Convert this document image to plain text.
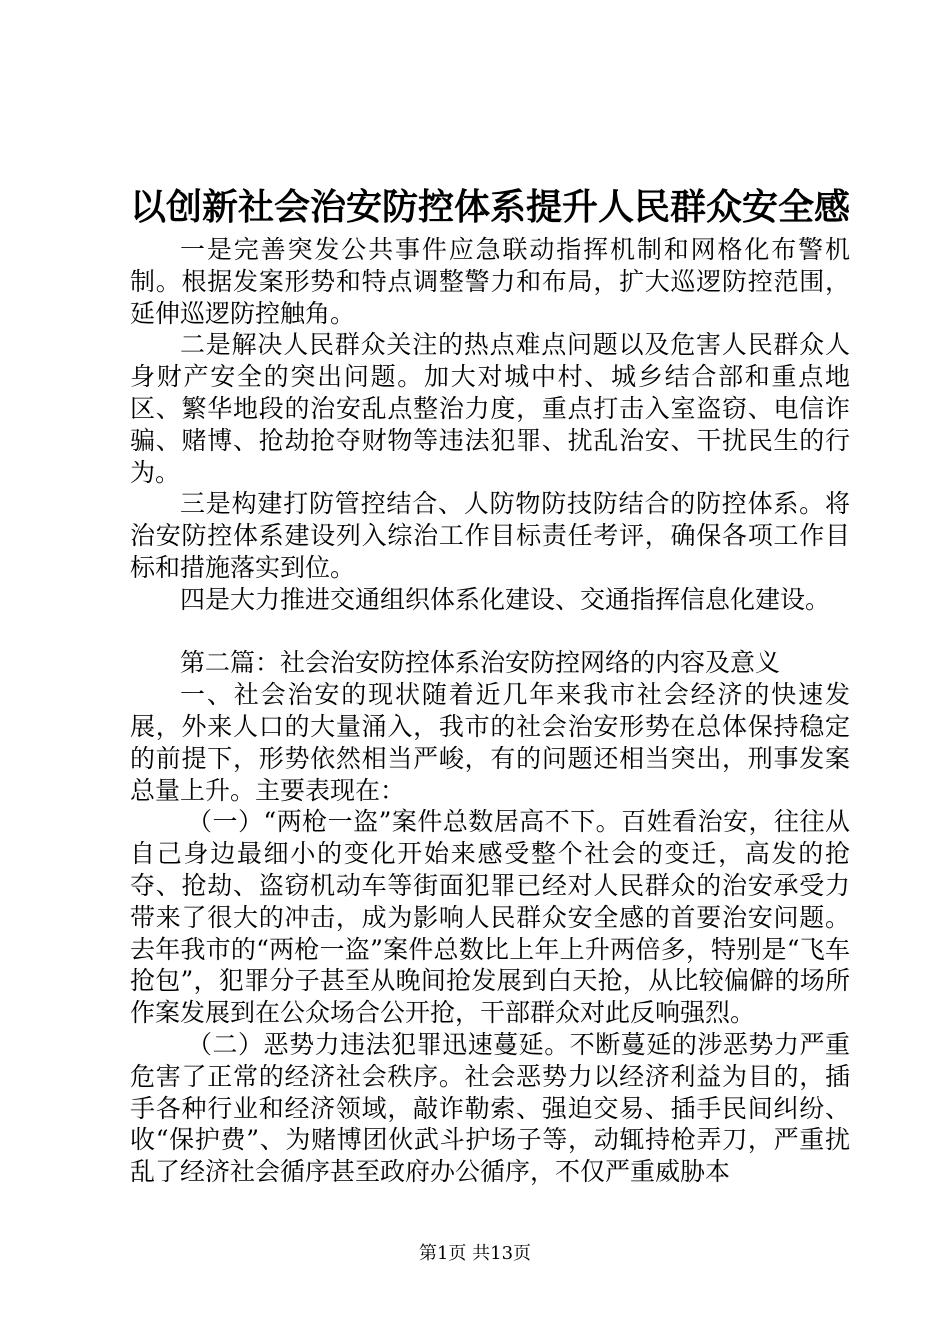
以创新社会治安防控体系提升人民群众安全感

一是完善突发公共事件应急联动指挥机制和网格化布警机制。根据发案形势和特点调整警力和布局，扩大巡逻防控范围，延伸巡逻防控触角。

二是解决人民群众关注的热点难点问题以及危害人民群众人身财产安全的突出问题。加大对城中村、城乡结合部和重点地区、繁华地段的治安乱点整治力度，重点打击入室盗窃、电信诈骗、赌博、抢劫抢夺财物等违法犯罪、扰乱治安、干扰民生的行为。

三是构建打防管控结合、人防物防技防结合的防控体系。将治安防控体系建设列入综治工作目标责任考评，确保各项工作目标和措施落实到位。

四是大力推进交通组织体系化建设、交通指挥信息化建设。

第二篇：社会治安防控体系治安防控网络的内容及意义

一、社会治安的现状随着近几年来我市社会经济的快速发展，外来人口的大量涌入，我市的社会治安形势在总体保持稳定的前提下，形势依然相当严峻，有的问题还相当突出，刑事发案总量上升。主要表现在：

（一）“两枪一盗”案件总数居高不下。百姓看治安，往往从自己身边最细小的变化开始来感受整个社会的变迁，高发的抢夺、抢劫、盗窃机动车等街面犯罪已经对人民群众的治安承受力带来了很大的冲击，成为影响人民群众安全感的首要治安问题。去年我市的“两枪一盗”案件总数比上年上升两倍多，特别是“飞车抢包”，犯罪分子甚至从晚间抢发展到白天抢，从比较偏僻的场所作案发展到在公众场合公开抢，干部群众对此反响强烈。

（二）恶势力违法犯罪迅速蔓延。不断蔓延的涉恶势力严重危害了正常的经济社会秩序。社会恶势力以经济利益为目的，插手各种行业和经济领域，敲诈勒索、强迫交易、插手民间纠纷、收“保护费”、为赌博团伙武斗护场子等，动辄持枪弄刀，严重扰乱了经济社会循序甚至政府办公循序，不仅严重威胁本

第1页 共13页
